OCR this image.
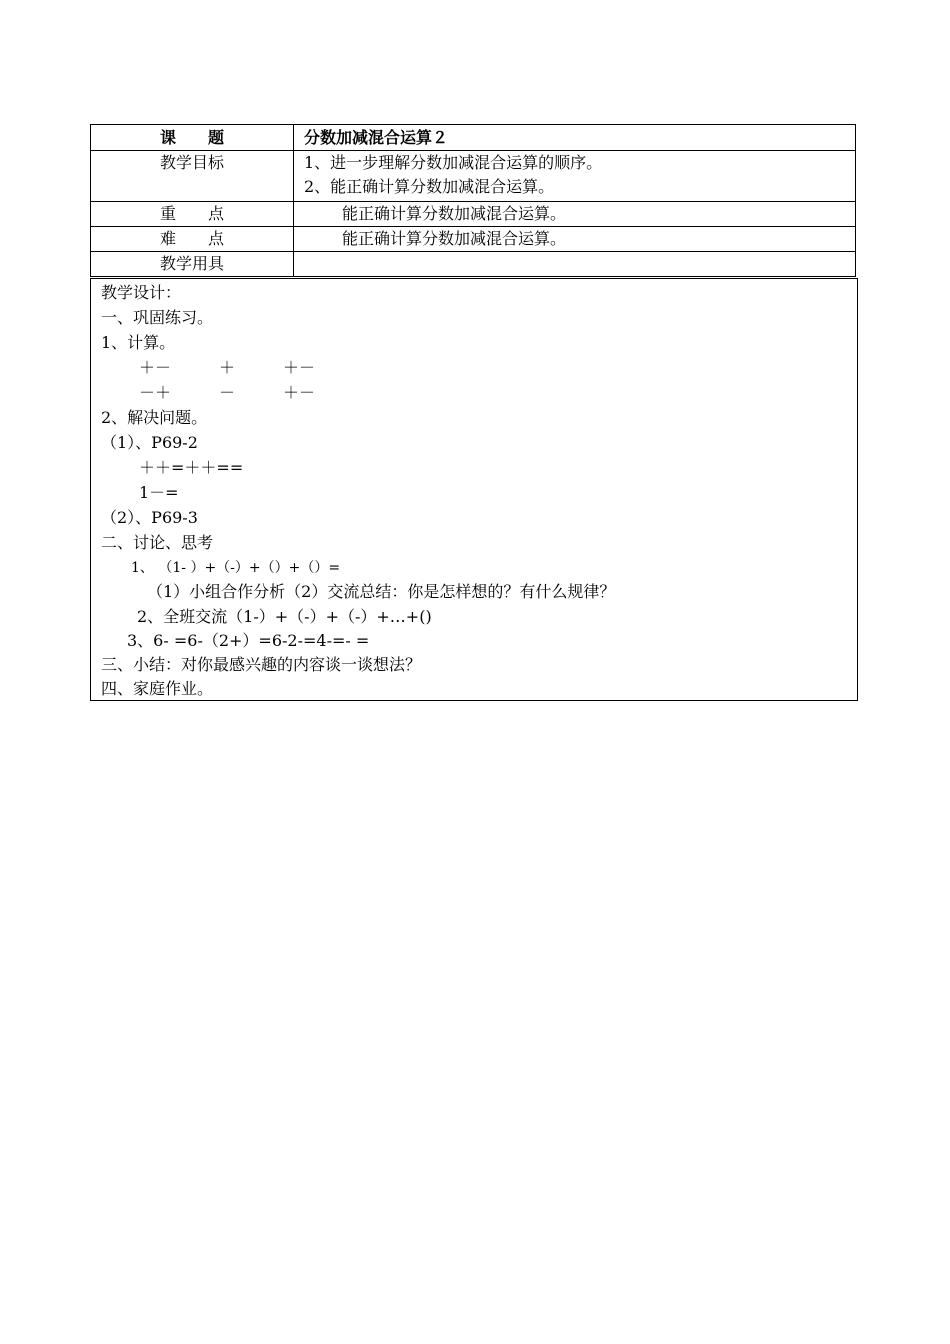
课　　题	分数加减混合运算２
教学目标	1、进一步理解分数加减混合运算的顺序。
2、能正确计算分数加减混合运算。

重　　点	能正确计算分数加减混合运算。
难　　点	能正确计算分数加减混合运算。
教学用具	
教学设计：
一、巩固练习。
1、计算。
＋－　　　＋　　　＋－
－＋　　　－　　　＋－
2、解决问题。
（1）、P69-2
＋＋=＋＋==
1－=
（2）、P69-3
二、讨论、思考
1、 （1- ）+（-）+（）+（）=
（1）小组合作分析（2）交流总结：你是怎样想的？有什么规律？
2、全班交流（1-）+（-）+（-）+…+()
3、6- =6-（2+）=6-2-=4-=- =
三、小结：对你最感兴趣的内容谈一谈想法？
四、家庭作业。
